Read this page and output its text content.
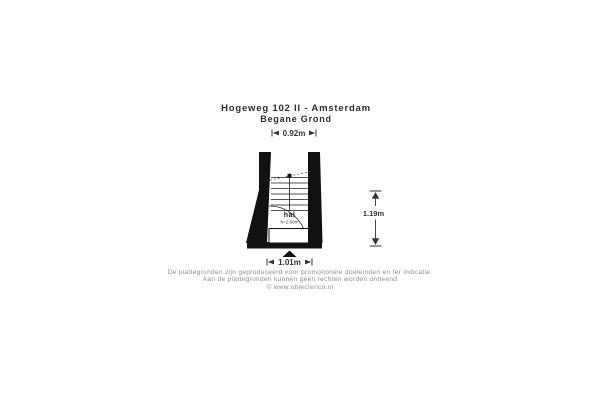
Hogeweg 102 II - Amsterdam
Begane Grond
0.92m
hal
h=2.68m
1.19m
1.01m
De plattegronden zijn geproduceerd voor promotionele doeleinden en ter indicatie.
Aan de plattegronden kunnen geen rechten worden ontleend
© www.objectenco.nl
